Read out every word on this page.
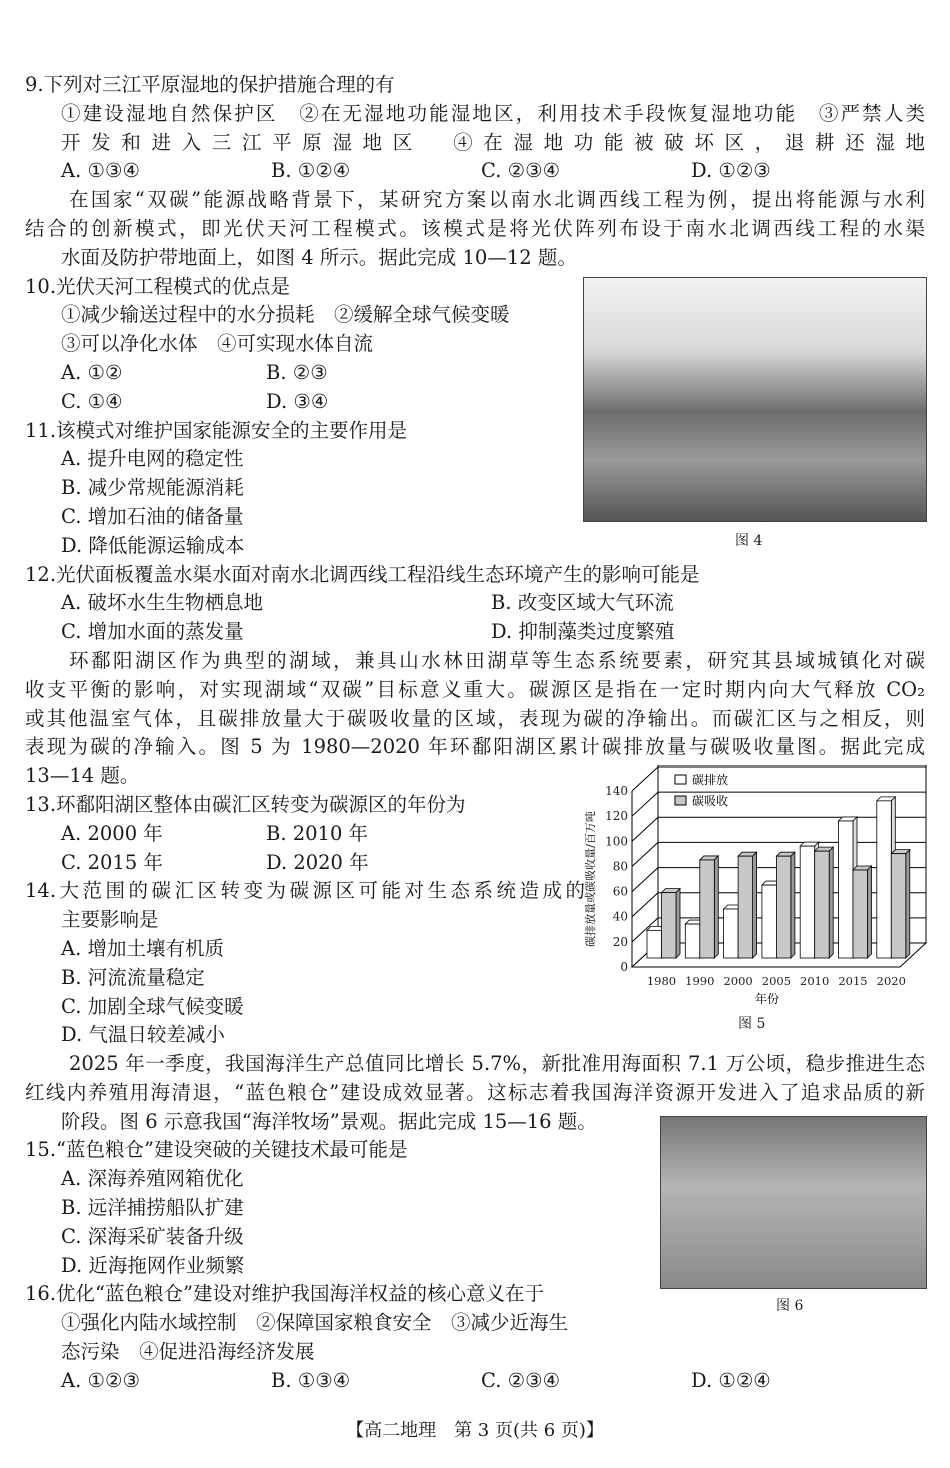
9.下列对三江平原湿地的保护措施合理的有
①建设湿地自然保护区　②在无湿地功能湿地区，利用技术手段恢复湿地功能　③严禁人类
开发和进入三江平原湿地区　④在湿地功能被破坏区，退耕还湿地
A. ①③④	B. ①②④	C. ②③④	D. ①②③
在国家“双碳”能源战略背景下，某研究方案以南水北调西线工程为例，提出将能源与水利
结合的创新模式，即光伏天河工程模式。该模式是将光伏阵列布设于南水北调西线工程的水渠
水面及防护带地面上，如图 4 所示。据此完成 10—12 题。
10.光伏天河工程模式的优点是
①减少输送过程中的水分损耗　②缓解全球气候变暖
③可以净化水体　④可实现水体自流
A. ①②	B. ②③
C. ①④	D. ③④
11.该模式对维护国家能源安全的主要作用是
A. 提升电网的稳定性
B. 减少常规能源消耗
C. 增加石油的储备量
D. 降低能源运输成本
12.光伏面板覆盖水渠水面对南水北调西线工程沿线生态环境产生的影响可能是
A. 破坏水生生物栖息地	B. 改变区域大气环流
C. 增加水面的蒸发量	D. 抑制藻类过度繁殖
环鄱阳湖区作为典型的湖域，兼具山水林田湖草等生态系统要素，研究其县域城镇化对碳
收支平衡的影响，对实现湖域“双碳”目标意义重大。碳源区是指在一定时期内向大气释放 CO₂
或其他温室气体，且碳排放量大于碳吸收量的区域，表现为碳的净输出。而碳汇区与之相反，则
表现为碳的净输入。图 5 为 1980—2020 年环鄱阳湖区累计碳排放量与碳吸收量图。据此完成
13—14 题。
13.环鄱阳湖区整体由碳汇区转变为碳源区的年份为
A. 2000 年	B. 2010 年
C. 2015 年	D. 2020 年
14.大范围的碳汇区转变为碳源区可能对生态系统造成的
主要影响是
A. 增加土壤有机质
B. 河流流量稳定
C. 加剧全球气候变暖
D. 气温日较差减小
2025 年一季度，我国海洋生产总值同比增长 5.7%，新批准用海面积 7.1 万公顷，稳步推进生态
红线内养殖用海清退，“蓝色粮仓”建设成效显著。这标志着我国海洋资源开发进入了追求品质的新
阶段。图 6 示意我国“海洋牧场”景观。据此完成 15—16 题。
15.“蓝色粮仓”建设突破的关键技术最可能是
A. 深海养殖网箱优化
B. 远洋捕捞船队扩建
C. 深海采矿装备升级
D. 近海拖网作业频繁
16.优化“蓝色粮仓”建设对维护我国海洋权益的核心意义在于
①强化内陆水域控制　②保障国家粮食安全　③减少近海生
态污染　④促进沿海经济发展
A. ①②③	B. ①③④	C. ②③④	D. ①②④
图 4
0
20
40
60
80
100
120
140
1980 1990 2000 2005 2010 2015 2020
年份
碳排放量或碳吸收量/百万吨
碳排放
碳吸收
图 5
图 6
【高二地理　第 3 页(共 6 页)】
